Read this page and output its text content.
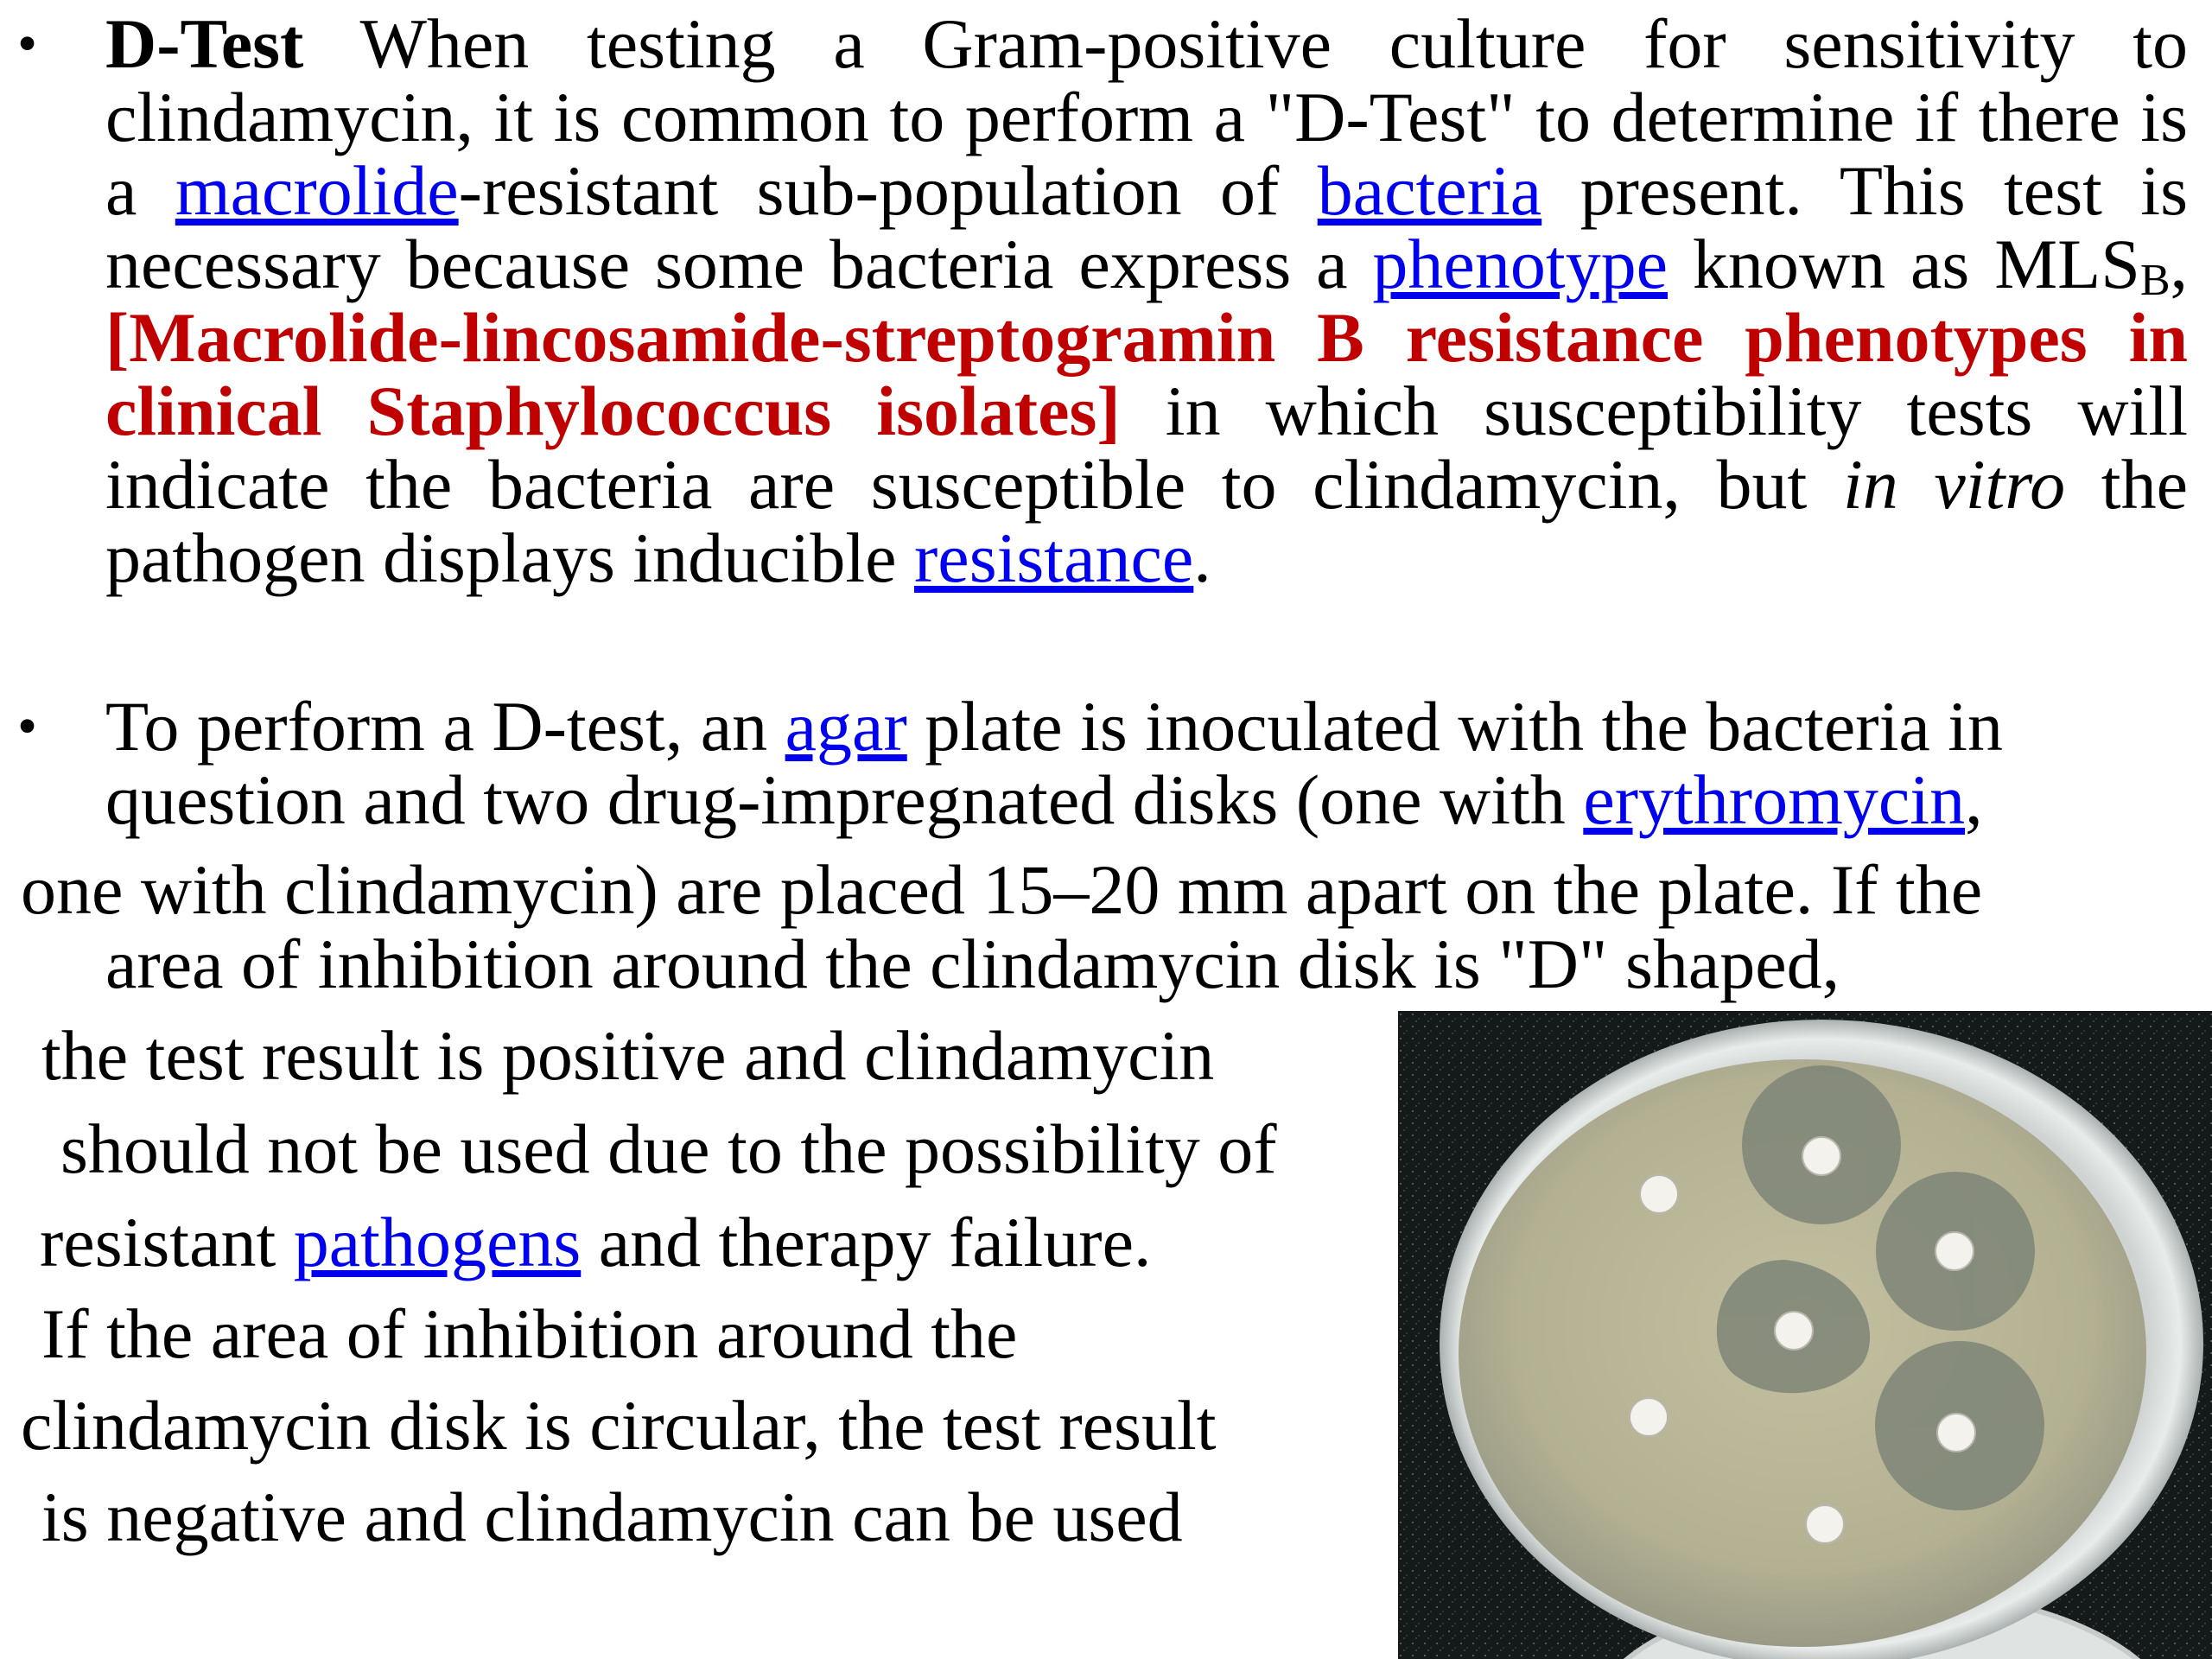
• D-Test When testing a Gram-positive culture for sensitivity to clindamycin, it is common to perform a "D-Test" to determine if there is a macrolide-resistant sub-population of bacteria present. This test is necessary because some bacteria express a phenotype known as $MLS_B$, [Macrolide-lincosamide-streptogramin B resistance phenotypes in clinical Staphylococcus isolates] in which susceptibility tests will indicate the bacteria are susceptible to clindamycin, but in vitro the pathogen displays inducible resistance.

• To perform a D-test, an agar plate is inoculated with the bacteria in question and two drug-impregnated disks (one with erythromycin,

one with clindamycin) are placed 15–20 mm apart on the plate. If the
area of inhibition around the clindamycin disk is "D" shaped,
the test result is positive and clindamycin
should not be used due to the possibility of
resistant pathogens and therapy failure.
If the area of inhibition around the
clindamycin disk is circular, the test result
is negative and clindamycin can be used
